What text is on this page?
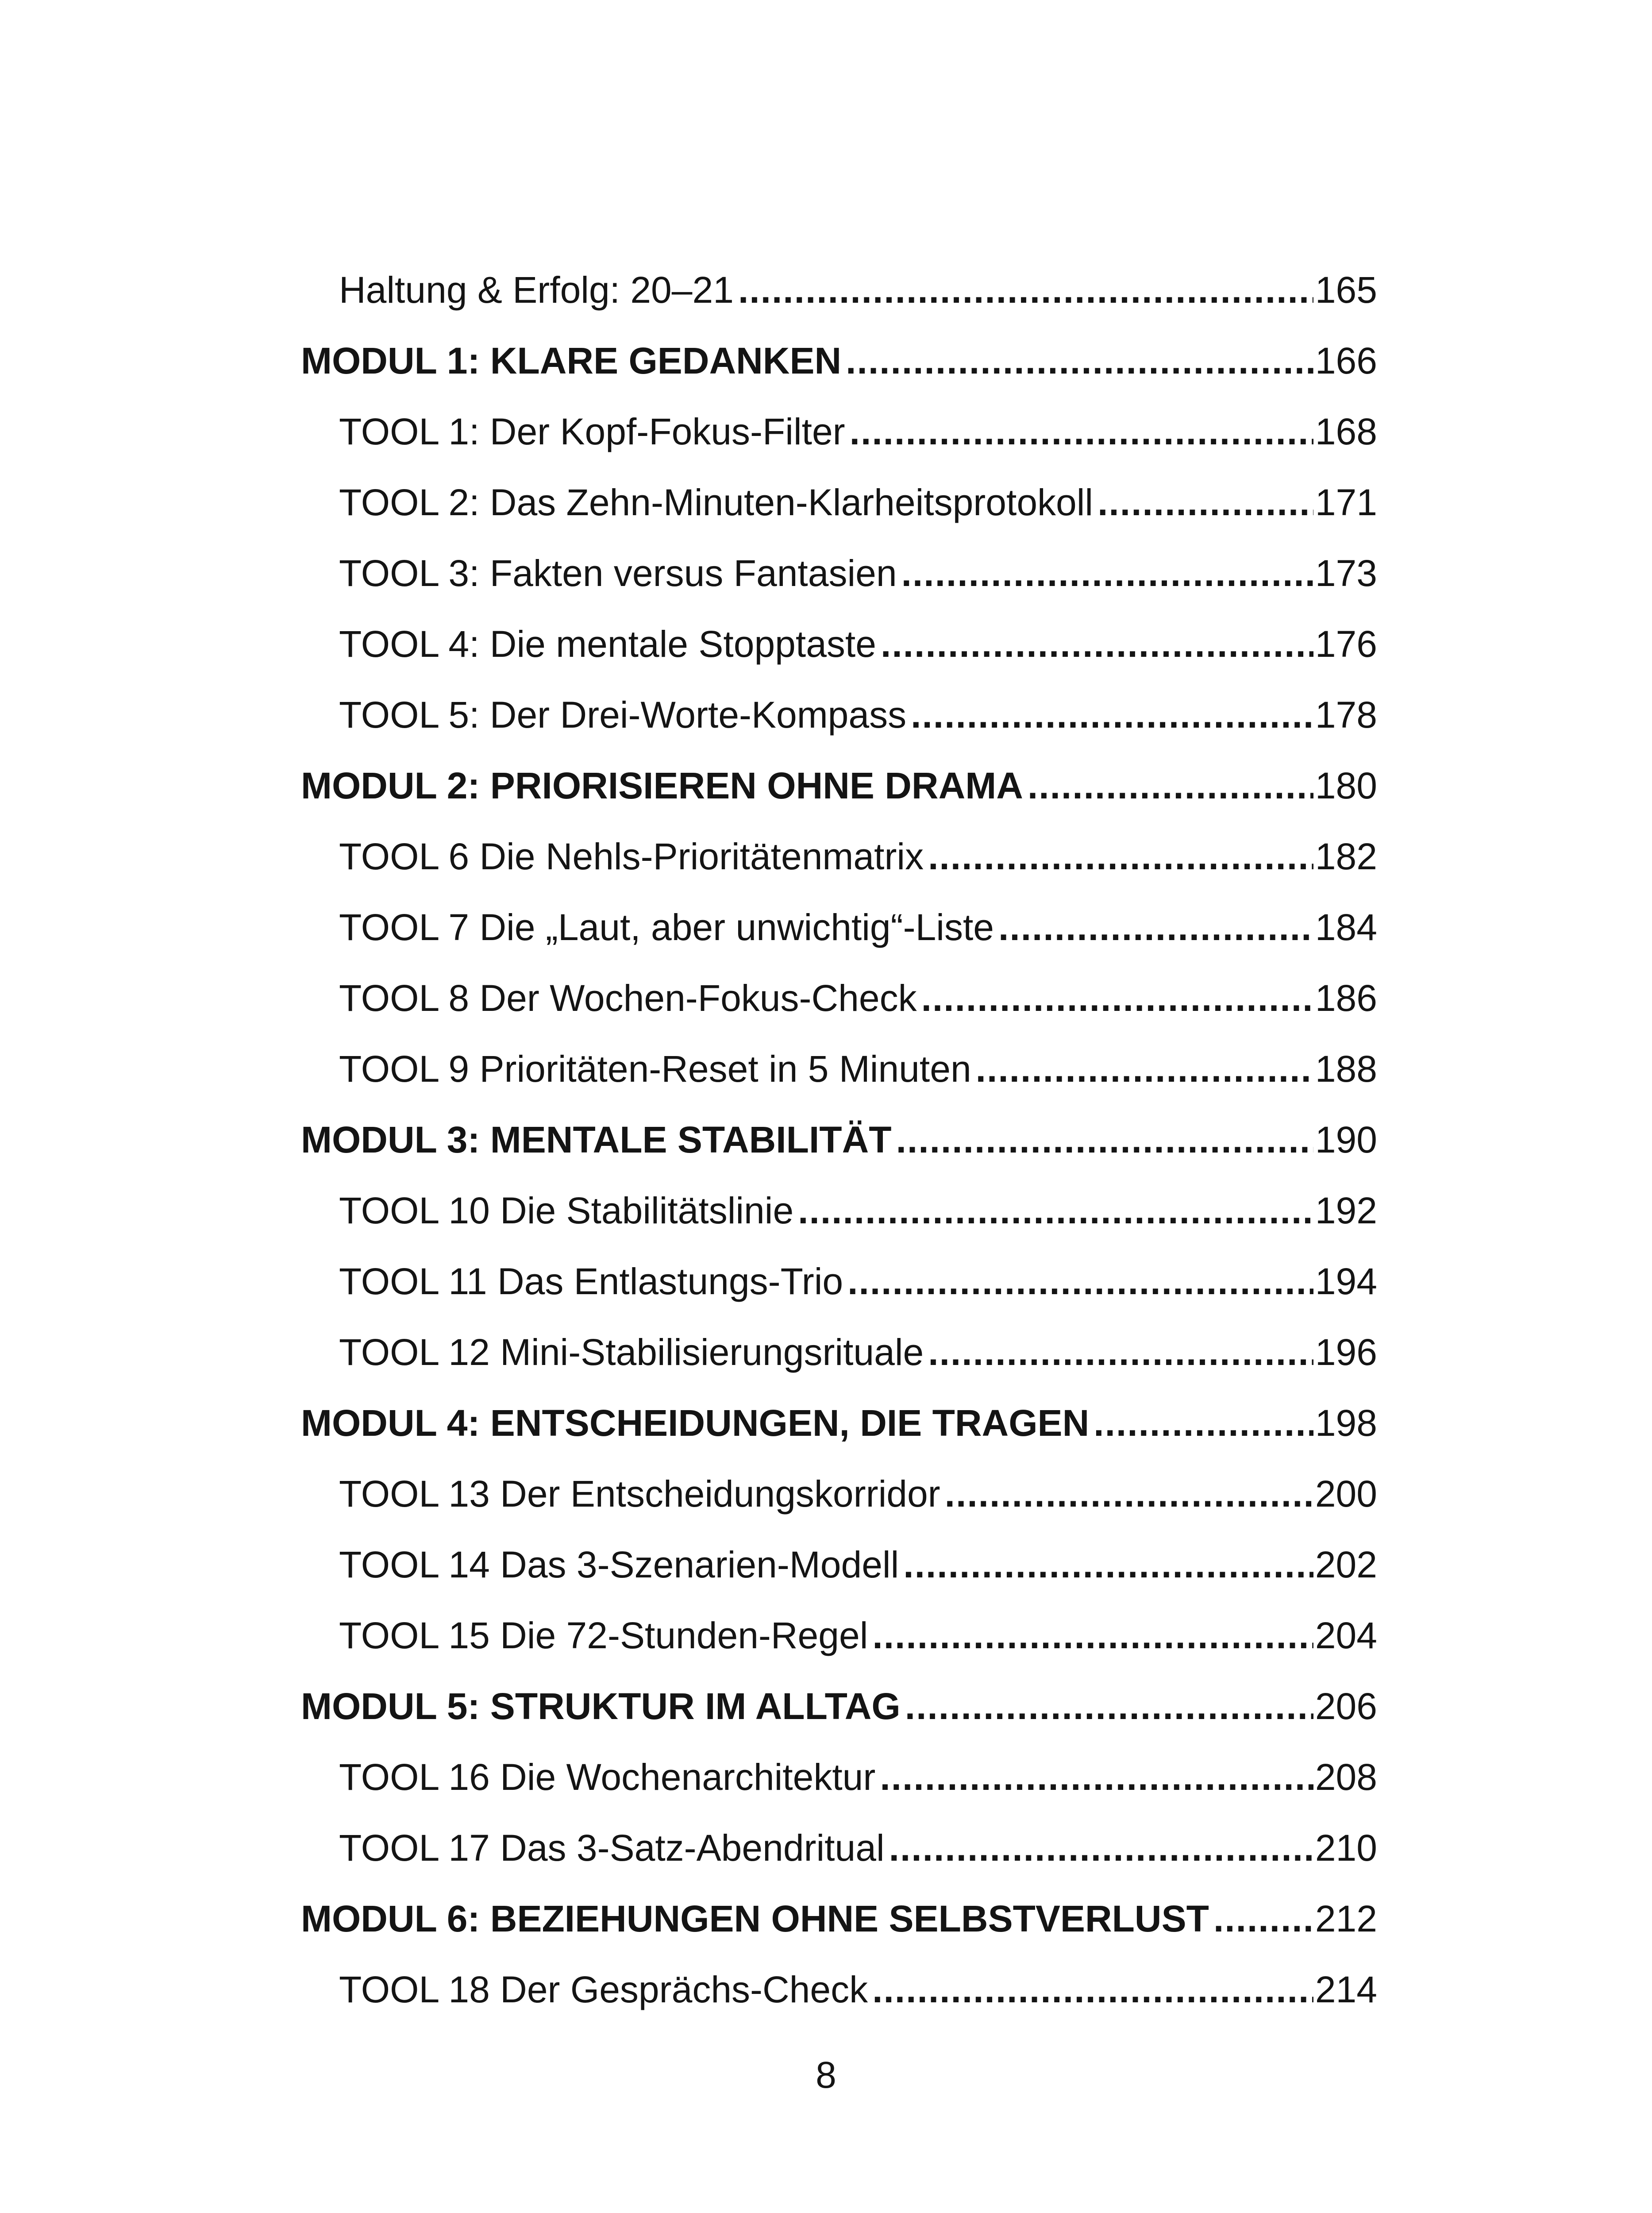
Haltung & Erfolg: 20–21 .....	165
MODUL 1: KLARE GEDANKEN .....	166
TOOL 1: Der Kopf-Fokus-Filter .....	168
TOOL 2: Das Zehn-Minuten-Klarheitsprotokoll .....	171
TOOL 3: Fakten versus Fantasien .....	173
TOOL 4: Die mentale Stopptaste .....	176
TOOL 5: Der Drei-Worte-Kompass .....	178
MODUL 2: PRIORISIEREN OHNE DRAMA .....	180
TOOL 6 Die Nehls-Prioritätenmatrix .....	182
TOOL 7 Die „Laut, aber unwichtig“-Liste .....	184
TOOL 8 Der Wochen-Fokus-Check .....	186
TOOL 9 Prioritäten-Reset in 5 Minuten .....	188
MODUL 3: MENTALE STABILITÄT .....	190
TOOL 10 Die Stabilitätslinie .....	192
TOOL 11 Das Entlastungs-Trio .....	194
TOOL 12 Mini-Stabilisierungsrituale .....	196
MODUL 4: ENTSCHEIDUNGEN, DIE TRAGEN .....	198
TOOL 13 Der Entscheidungskorridor .....	200
TOOL 14 Das 3-Szenarien-Modell .....	202
TOOL 15 Die 72-Stunden-Regel .....	204
MODUL 5: STRUKTUR IM ALLTAG .....	206
TOOL 16 Die Wochenarchitektur .....	208
TOOL 17 Das 3-Satz-Abendritual .....	210
MODUL 6: BEZIEHUNGEN OHNE SELBSTVERLUST .....	212
TOOL 18 Der Gesprächs-Check .....	214
8
